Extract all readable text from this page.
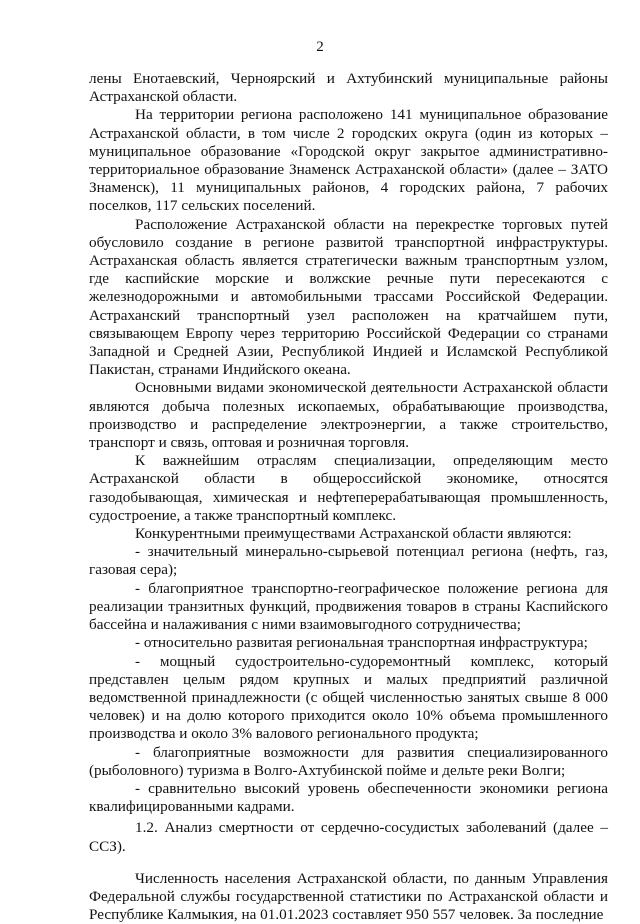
2

лены Енотаевский, Черноярский и Ахтубинский муниципальные районы Астраханской области.

На территории региона расположено 141 муниципальное образование Астраханской области, в том числе 2 городских округа (один из которых – муниципальное образование «Городской округ закрытое административно-территориальное образование Знаменск Астраханской области» (далее – ЗАТО Знаменск), 11 муниципальных районов, 4 городских района, 7 рабочих поселков, 117 сельских поселений.

Расположение Астраханской области на перекрестке торговых путей обусловило создание в регионе развитой транспортной инфраструктуры. Астраханская область является стратегически важным транспортным узлом, где каспийские морские и волжские речные пути пересекаются с железнодорожными и автомобильными трассами Российской Федерации. Астраханский транспортный узел расположен на кратчайшем пути, связывающем Европу через территорию Российской Федерации со странами Западной и Средней Азии, Республикой Индией и Исламской Республикой Пакистан, странами Индийского океана.

Основными видами экономической деятельности Астраханской области являются добыча полезных ископаемых, обрабатывающие производства, производство и распределение электроэнергии, а также строительство, транспорт и связь, оптовая и розничная торговля.

К важнейшим отраслям специализации, определяющим место Астраханской области в общероссийской экономике, относятся газодобывающая, химическая и нефтеперерабатывающая промышленность, судостроение, а также транспортный комплекс.

Конкурентными преимуществами Астраханской области являются:

- значительный минерально-сырьевой потенциал региона (нефть, газ, газовая сера);

- благоприятное транспортно-географическое положение региона для реализации транзитных функций, продвижения товаров в страны Каспийского бассейна и налаживания с ними взаимовыгодного сотрудничества;

- относительно развитая региональная транспортная инфраструктура;

- мощный судостроительно-судоремонтный комплекс, который представлен целым рядом крупных и малых предприятий различной ведомственной принадлежности (с общей численностью занятых свыше 8 000 человек) и на долю которого приходится около 10% объема промышленного производства и около 3% валового регионального продукта;

- благоприятные возможности для развития специализированного (рыболовного) туризма в Волго-Ахтубинской пойме и дельте реки Волги;

- сравнительно высокий уровень обеспеченности экономики региона квалифицированными кадрами.

1.2. Анализ смертности от сердечно-сосудистых заболеваний (далее – ССЗ).

Численность населения Астраханской области, по данным Управления Федеральной службы государственной статистики по Астраханской области и Республике Калмыкия, на 01.01.2023 составляет 950 557 человек. За последние
